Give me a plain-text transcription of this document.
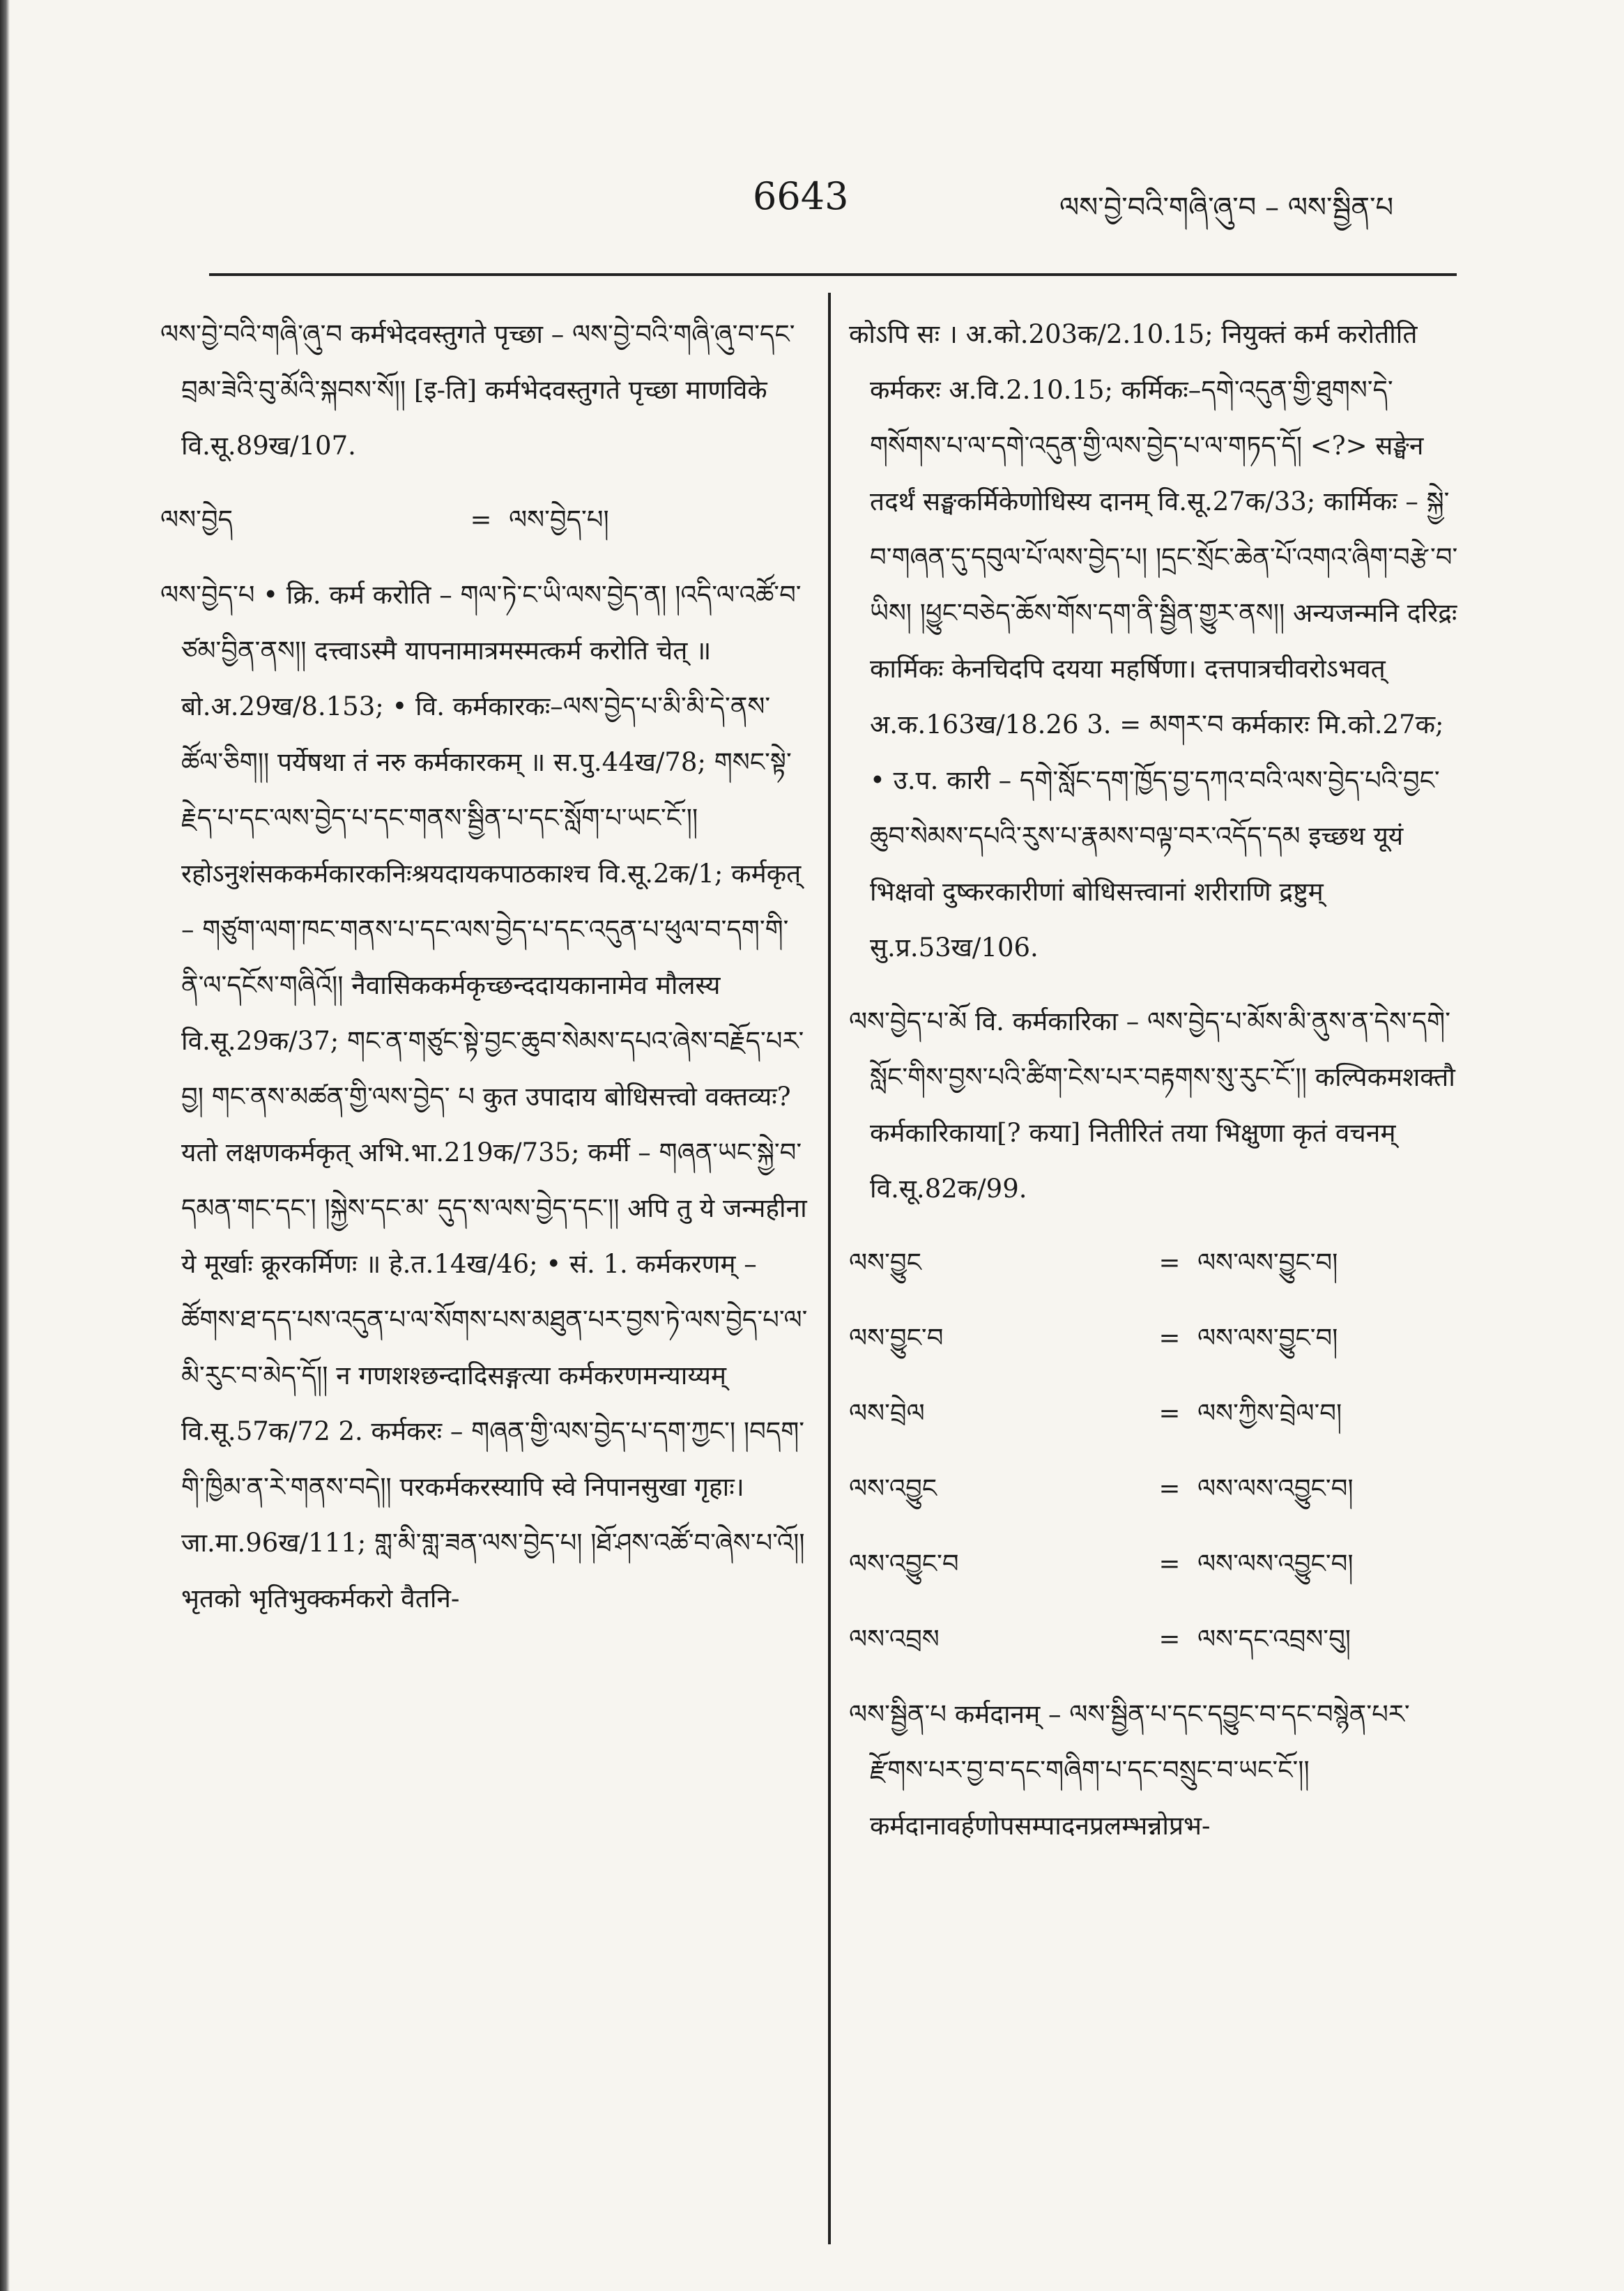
6643	ལས་བྱེ་བའི་གཞི་ཞུ་བ – ལས་སྦྱིན་པ

ལས་བྱེ་བའི་གཞི་ཞུ་བ कर्मभेदवस्तुगते पृच्छा – ལས་བྱེ་བའི་གཞི་ཞུ་བ་དང་བྲམ་ཟེའི་བུ་མོའི་སྐབས་སོ།། [इ-ति] कर्मभेदवस्तुगते पृच्छा माणविके वि.सू.89ख/107.

ལས་བྱེད	= ལས་བྱེད་པ།

ལས་བྱེད་པ • क्रि. कर्म करोति – གལ་ཏེ་ང་ཡི་ལས་བྱེད་ན། །འདི་ལ་འཚོ་བ་ཙམ་བྱིན་ནས།། दत्त्वाऽस्मै यापनामात्रमस्मत्कर्म करोति चेत् ॥ बो.अ.29ख/8.153; • वि. कर्मकारकः–ལས་བྱེད་པ་མི་མི་དེ་ནས་ཚོལ་ཅིག།། पर्येषथा तं नरु कर्मकारकम् ॥ स.पु.44ख/78; གསང་སྟེ་རྗེད་པ་དང་ལས་བྱེད་པ་དང་གནས་སྦྱིན་པ་དང་སློག་པ་ཡང་ངོ་།། रहोऽनुशंसककर्मकारकनिःश्रयदायकपाठकाश्च वि.सू.2क/1; कर्मकृत् – གཙུག་ལག་ཁང་གནས་པ་དང་ལས་བྱེད་པ་དང་འདུན་པ་ཕུལ་བ་དག་གི་ནི་ལ་དངོས་གཞིའོ།། नैवासिककर्मकृच्छन्ददायकानामेव मौलस्य वि.सू.29क/37; གང་ན་གཙུང་སྟེ་བྱང་ཆུབ་སེམས་དཔའ་ཞེས་བརྗོད་པར་བྱ། གང་ནས་མཚན་གྱི་ལས་བྱེད་ པ कुत उपादाय बोधिसत्त्वो वक्तव्यः? यतो लक्षणकर्मकृत् अभि.भा.219क/735; कर्मी – གཞན་ཡང་སྐྱེ་བ་དམན་གང་དང་། །སྐྱེས་དང་མ་ དུད་ས་ལས་བྱེད་དང་།། अपि तु ये जन्महीना ये मूर्खाः क्रूरकर्मिणः ॥ हे.त.14ख/46; • सं. 1. कर्मकरणम् – ཚོགས་ཐ་དད་པས་འདུན་པ་ལ་སོགས་པས་མཐུན་པར་བྱས་ཏེ་ལས་བྱེད་པ་ལ་མི་རུང་བ་མེད་དོ།། न गणशश्छन्दादिसङ्गत्या कर्मकरणमन्याय्यम् वि.सू.57क/72 2. कर्मकरः – གཞན་གྱི་ལས་བྱེད་པ་དག་ཀྱང་། །བདག་གི་ཁྱིམ་ན་རེ་གནས་བདེ།། परकर्मकरस्यापि स्वे निपानसुखा गृहाः। जा.मा.96ख/111; གླ་མི་གླ་ཟན་ལས་བྱེད་པ། །ཐོ་ཤས་འཚོ་བ་ཞེས་པ་འོ།། भृतको भृतिभुक्कर्मकरो वैतनि-

कोऽपि सः । अ.को.203क/2.10.15; नियुक्तं कर्म करोतीति कर्मकरः अ.वि.2.10.15; कर्मिकः–དགེ་འདུན་གྱི་ཐུགས་དེ་གསོགས་པ་ལ་དགེ་འདུན་གྱི་ལས་བྱེད་པ་ལ་གཏད་དོ། <?> सङ्घेन तदर्थं सङ्घकर्मिकेणोधिस्य दानम् वि.सू.27क/33; कार्मिकः – སྐྱེ་བ་གཞན་དུ་དབུལ་པོ་ལས་བྱེད་པ། །དྲང་སྲོང་ཆེན་པོ་འགའ་ཞིག་བརྩེ་བ་ཡིས། །ཕྱུང་བཅེད་ཆོས་གོས་དག་ནི་སྦྱིན་གྱུར་ནས།། अन्यजन्मनि दरिद्रः कार्मिकः केनचिदपि दयया महर्षिणा। दत्तपात्रचीवरोऽभवत् अ.क.163ख/18.26 3. = མགར་བ कर्मकारः मि.को.27क; • उ.प. कारी – དགེ་སློང་དག་ཁྱོད་བྱ་དཀའ་བའི་ལས་བྱེད་པའི་བྱང་ཆུབ་སེམས་དཔའི་རུས་པ་རྣམས་བལྟ་བར་འདོད་དམ इच्छथ यूयं भिक्षवो दुष्करकारीणां बोधिसत्त्वानां शरीराणि द्रष्टुम् सु.प्र.53ख/106.

ལས་བྱེད་པ་མོ वि. कर्मकारिका – ལས་བྱེད་པ་མོས་མི་ནུས་ན་དེས་དགེ་སློང་གིས་བྱས་པའི་ཚིག་ངེས་པར་བརྟགས་སུ་རུང་ངོ་།། कल्पिकमशक्तौ कर्मकारिकाया[? कया] नितीरितं तया भिक्षुणा कृतं वचनम् वि.सू.82क/99.

ལས་བྱུང	= ལས་ལས་བྱུང་བ།
ལས་བྱུང་བ	= ལས་ལས་བྱུང་བ།
ལས་བྲེལ	= ལས་ཀྱིས་བྲེལ་བ།
ལས་འབྱུང	= ལས་ལས་འབྱུང་བ།
ལས་འབྱུང་བ	= ལས་ལས་འབྱུང་བ།
ལས་འབྲས	= ལས་དང་འབྲས་བུ།

ལས་སྦྱིན་པ कर्मदानम् – ལས་སྦྱིན་པ་དང་དབྱུང་བ་དང་བསྙེན་པར་རྫོགས་པར་བྱ་བ་དང་གཞིག་པ་དང་བསྲུང་བ་ཡང་ངོ་།། कर्मदानावर्हणोपसम्पादनप्रलम्भन्नोप्रभ-
